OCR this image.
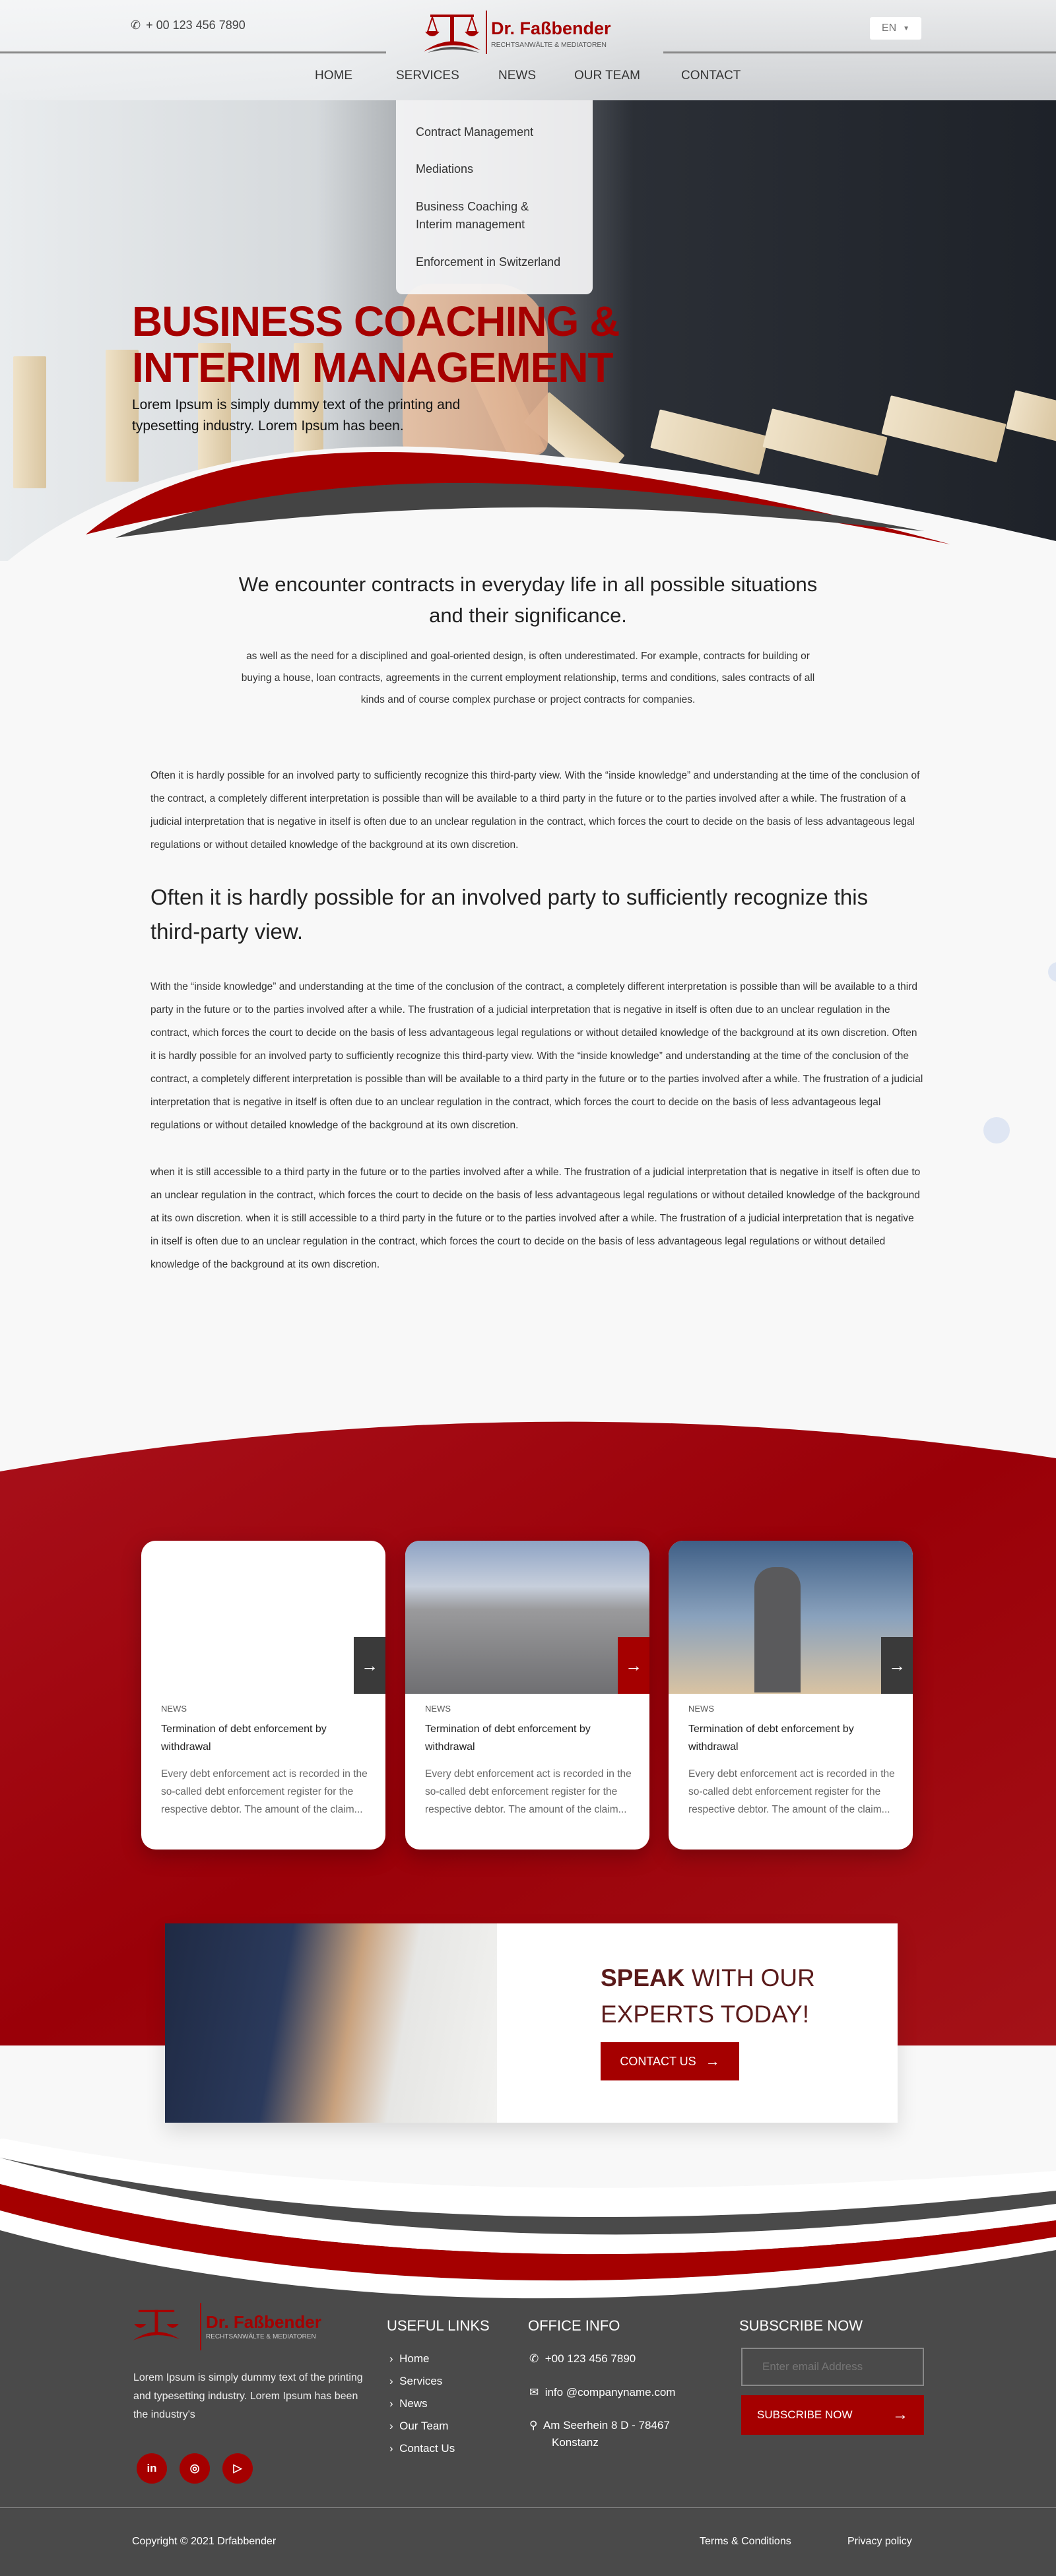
✆ + 00 123 456 7890	Dr. Faßbender
RECHTSANWÄLTE & MEDIATOREN
EN ▼
HOME	SERVICES	NEWS	OUR TEAM	CONTACT
BUSINESS COACHING &
INTERIM MANAGEMENT
Lorem Ipsum is simply dummy text of the printing and typesetting industry. Lorem Ipsum has been.
Contract Management
Mediations
Business Coaching & Interim management
Enforcement in Switzerland
We encounter contracts in everyday life in all possible situations and their significance.

as well as the need for a disciplined and goal-oriented design, is often underestimated. For example, contracts for building or buying a house, loan contracts, agreements in the current employment relationship, terms and conditions, sales contracts of all kinds and of course complex purchase or project contracts for companies.

Often it is hardly possible for an involved party to sufficiently recognize this third-party view. With the “inside knowledge” and understanding at the time of the conclusion of the contract, a completely different interpretation is possible than will be available to a third party in the future or to the parties involved after a while. The frustration of a judicial interpretation that is negative in itself is often due to an unclear regulation in the contract, which forces the court to decide on the basis of less advantageous legal regulations or without detailed knowledge of the background at its own discretion.

Often it is hardly possible for an involved party to sufficiently recognize this third-party view.

With the “inside knowledge” and understanding at the time of the conclusion of the contract, a completely different interpretation is possible than will be available to a third party in the future or to the parties involved after a while. The frustration of a judicial interpretation that is negative in itself is often due to an unclear regulation in the contract, which forces the court to decide on the basis of less advantageous legal regulations or without detailed knowledge of the background at its own discretion. Often it is hardly possible for an involved party to sufficiently recognize this third-party view. With the “inside knowledge” and understanding at the time of the conclusion of the contract, a completely different interpretation is possible than will be available to a third party in the future or to the parties involved after a while. The frustration of a judicial interpretation that is negative in itself is often due to an unclear regulation in the contract, which forces the court to decide on the basis of less advantageous legal regulations or without detailed knowledge of the background at its own discretion.

when it is still accessible to a third party in the future or to the parties involved after a while. The frustration of a judicial interpretation that is negative in itself is often due to an unclear regulation in the contract, which forces the court to decide on the basis of less advantageous legal regulations or without detailed knowledge of the background at its own discretion. when it is still accessible to a third party in the future or to the parties involved after a while. The frustration of a judicial interpretation that is negative in itself is often due to an unclear regulation in the contract, which forces the court to decide on the basis of less advantageous legal regulations or without detailed knowledge of the background at its own discretion.

→
NEWS
Termination of debt enforcement by withdrawal
Every debt enforcement act is recorded in the so-called debt enforcement register for the respective debtor. The amount of the claim...
→
NEWS
Termination of debt enforcement by withdrawal
Every debt enforcement act is recorded in the so-called debt enforcement register for the respective debtor. The amount of the claim...
→
NEWS
Termination of debt enforcement by withdrawal
Every debt enforcement act is recorded in the so-called debt enforcement register for the respective debtor. The amount of the claim...
SPEAK WITH OUR
EXPERTS TODAY!
CONTACT US →
Dr. Faßbender
RECHTSANWÄLTE & MEDIATOREN

Lorem Ipsum is simply dummy text of the printing and typesetting industry. Lorem Ipsum has been the industry's

in	◎	▷
USEFUL LINKS
›  Home
›  Services
›  News
›  Our Team
›  Contact Us
OFFICE INFO
✆ +00 123 456 7890
✉ info @companyname.com
⚲ Am Seerhein 8 D - 78467
Konstanz
SUBSCRIBE NOW
Enter email Address
SUBSCRIBE NOW	→
Copyright © 2021 Drfabbender	Terms & Conditions	Privacy policy
